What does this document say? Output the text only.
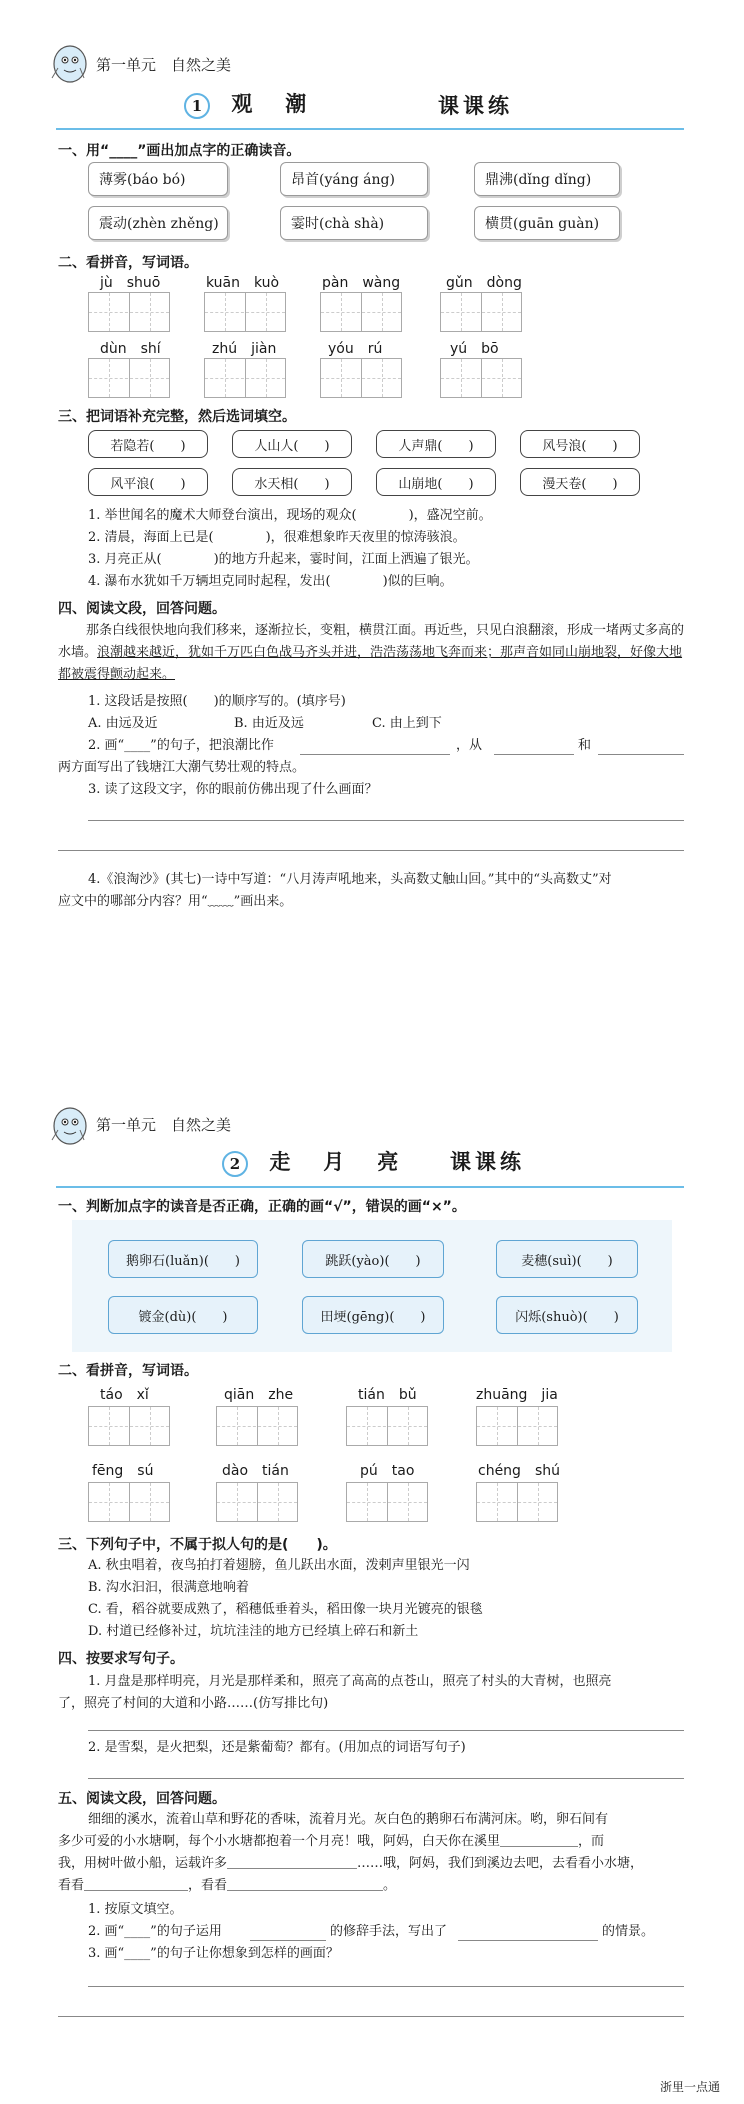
第一单元　自然之美
1 观　潮	课课练
一、用“____”画出加点字的正确读音。
薄雾(báo bó)	昂首(yáng áng)	鼎沸(dǐng dǐng)
震动(zhèn zhěng)	霎时(chà shà)	横贯(guān guàn)
二、看拼音，写词语。
jù　shuō	kuān　kuò	pàn　wàng	gǔn　dòng
dùn　shí	zhú　jiàn	yóu　rú	yú　bō
三、把词语补充完整，然后选词填空。
若隐若(　　)	人山人(　　)	人声鼎(　　)	风号浪(　　)
风平浪(　　)	水天相(　　)	山崩地(　　)	漫天卷(　　)
1. 举世闻名的魔术大师登台演出，现场的观众(　　　　)，盛况空前。
2. 清晨，海面上已是(　　　　)，很难想象昨天夜里的惊涛骇浪。
3. 月亮正从(　　　　)的地方升起来，霎时间，江面上洒遍了银光。
4. 瀑布水犹如千万辆坦克同时起程，发出(　　　　)似的巨响。
四、阅读文段，回答问题。
那条白线很快地向我们移来，逐渐拉长，变粗，横贯江面。再近些，只见白浪翻滚，形成一堵两丈多高的水墙。浪潮越来越近，犹如千万匹白色战马齐头并进，浩浩荡荡地飞奔而来；那声音如同山崩地裂，好像大地都被震得颤动起来。
1. 这段话是按照(　　)的顺序写的。(填序号)
A. 由远及近	B. 由近及远	C. 由上到下
2. 画“____”的句子，把浪潮比作	，从	和
两方面写出了钱塘江大潮气势壮观的特点。
3. 读了这段文字，你的眼前仿佛出现了什么画面？
4.《浪淘沙》(其七)一诗中写道：“八月涛声吼地来，头高数丈触山回。”其中的“头高数丈”对
应文中的哪部分内容？用“﹏﹏”画出来。
第一单元　自然之美
2 走　月　亮 课课练
一、判断加点字的读音是否正确，正确的画“√”，错误的画“×”。
鹅卵石(luǎn)(　　)	跳跃(yào)(　　)	麦穗(suì)(　　)
镀金(dù)(　　)	田埂(gēng)(　　)	闪烁(shuò)(　　)
二、看拼音，写词语。
táo　xǐ	qiān　zhe	tián　bǔ	zhuāng　jia
fēng　sú	dào　tián	pú　tao	chéng　shú
三、下列句子中，不属于拟人句的是(　　)。
A. 秋虫唱着，夜鸟拍打着翅膀，鱼儿跃出水面，泼剌声里银光一闪
B. 沟水汩汩，很满意地响着
C. 看，稻谷就要成熟了，稻穗低垂着头，稻田像一块月光镀亮的银毯
D. 村道已经修补过，坑坑洼洼的地方已经填上碎石和新土
四、按要求写句子。
1. 月盘是那样明亮，月光是那样柔和，照亮了高高的点苍山，照亮了村头的大青树，也照亮
了，照亮了村间的大道和小路……(仿写排比句)
2. 是雪梨，是火把梨，还是紫葡萄？都有。(用加点的词语写句子)
五、阅读文段，回答问题。
细细的溪水，流着山草和野花的香味，流着月光。灰白色的鹅卵石布满河床。哟，卵石间有
多少可爱的小水塘啊，每个小水塘都抱着一个月亮！哦，阿妈，白天你在溪里＿＿＿＿＿＿，而
我，用树叶做小船，运载许多＿＿＿＿＿＿＿＿＿＿……哦，阿妈，我们到溪边去吧，去看看小水塘，
看看＿＿＿＿＿＿＿＿，看看＿＿＿＿＿＿＿＿＿＿＿＿。
1. 按原文填空。
2. 画“____”的句子运用	的修辞手法，写出了	的情景。
3. 画“____”的句子让你想象到怎样的画面？
浙里一点通
